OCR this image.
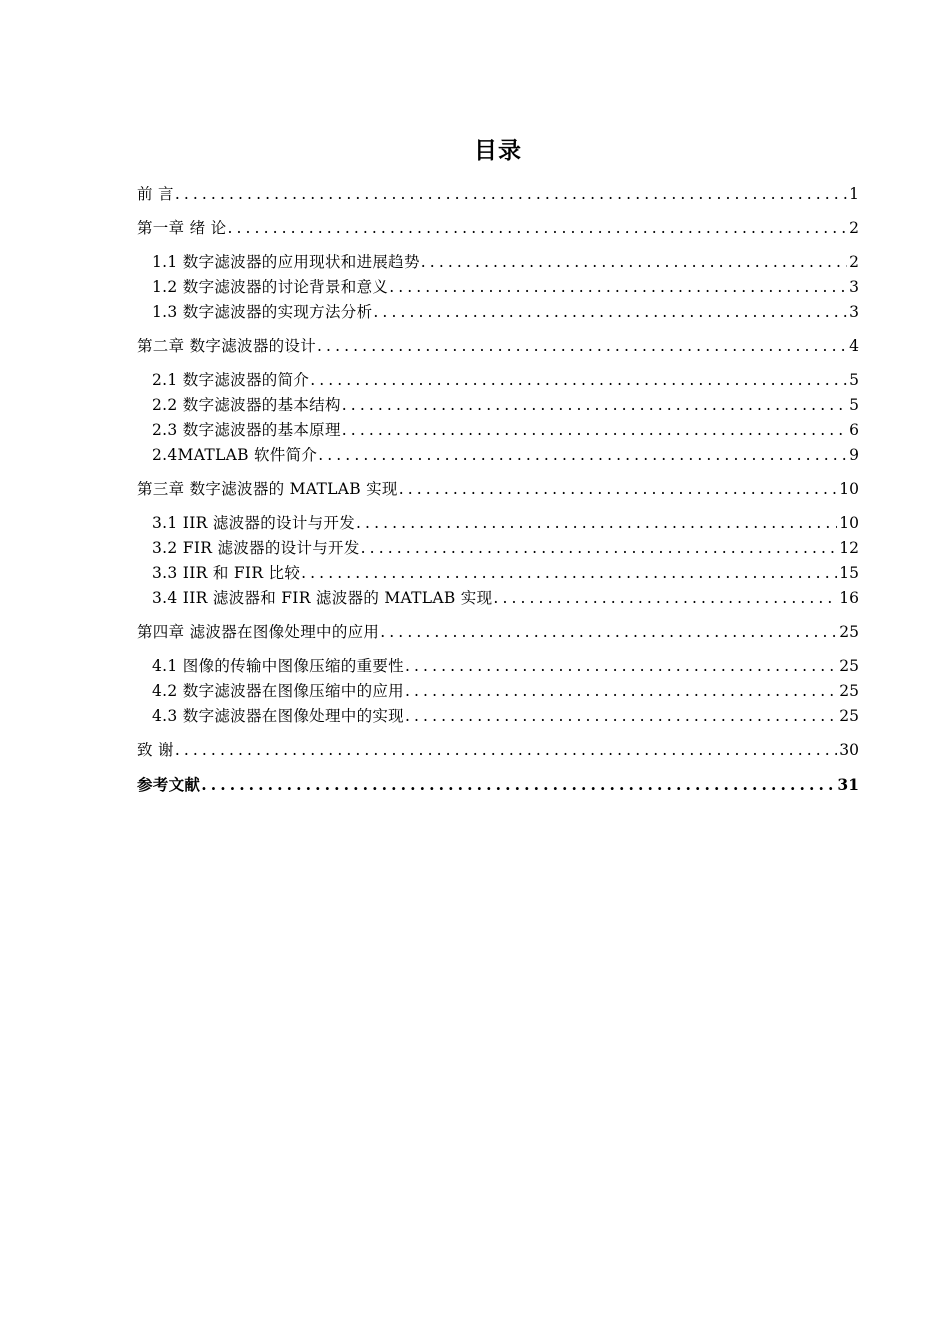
目录
前 言 .....	1
第一章 绪 论 .....	2
1.1 数字滤波器的应用现状和进展趋势 .....	2
1.2 数字滤波器的讨论背景和意义 .....	3
1.3 数字滤波器的实现方法分析 .....	3
第二章 数字滤波器的设计 .....	4
2.1 数字滤波器的简介 .....	5
2.2 数字滤波器的基本结构 .....	5
2.3 数字滤波器的基本原理 .....	6
2.4MATLAB 软件简介 .....	9
第三章 数字滤波器的 MATLAB 实现 .....	10
3.1 IIR 滤波器的设计与开发 .....	10
3.2 FIR 滤波器的设计与开发 .....	12
3.3 IIR 和 FIR 比较 .....	15
3.4 IIR 滤波器和 FIR 滤波器的 MATLAB 实现 .....	16
第四章 滤波器在图像处理中的应用 .....	25
4.1 图像的传输中图像压缩的重要性 .....	25
4.2 数字滤波器在图像压缩中的应用 .....	25
4.3 数字滤波器在图像处理中的实现 .....	25
致 谢 .....	30
参考文献 .....	31
